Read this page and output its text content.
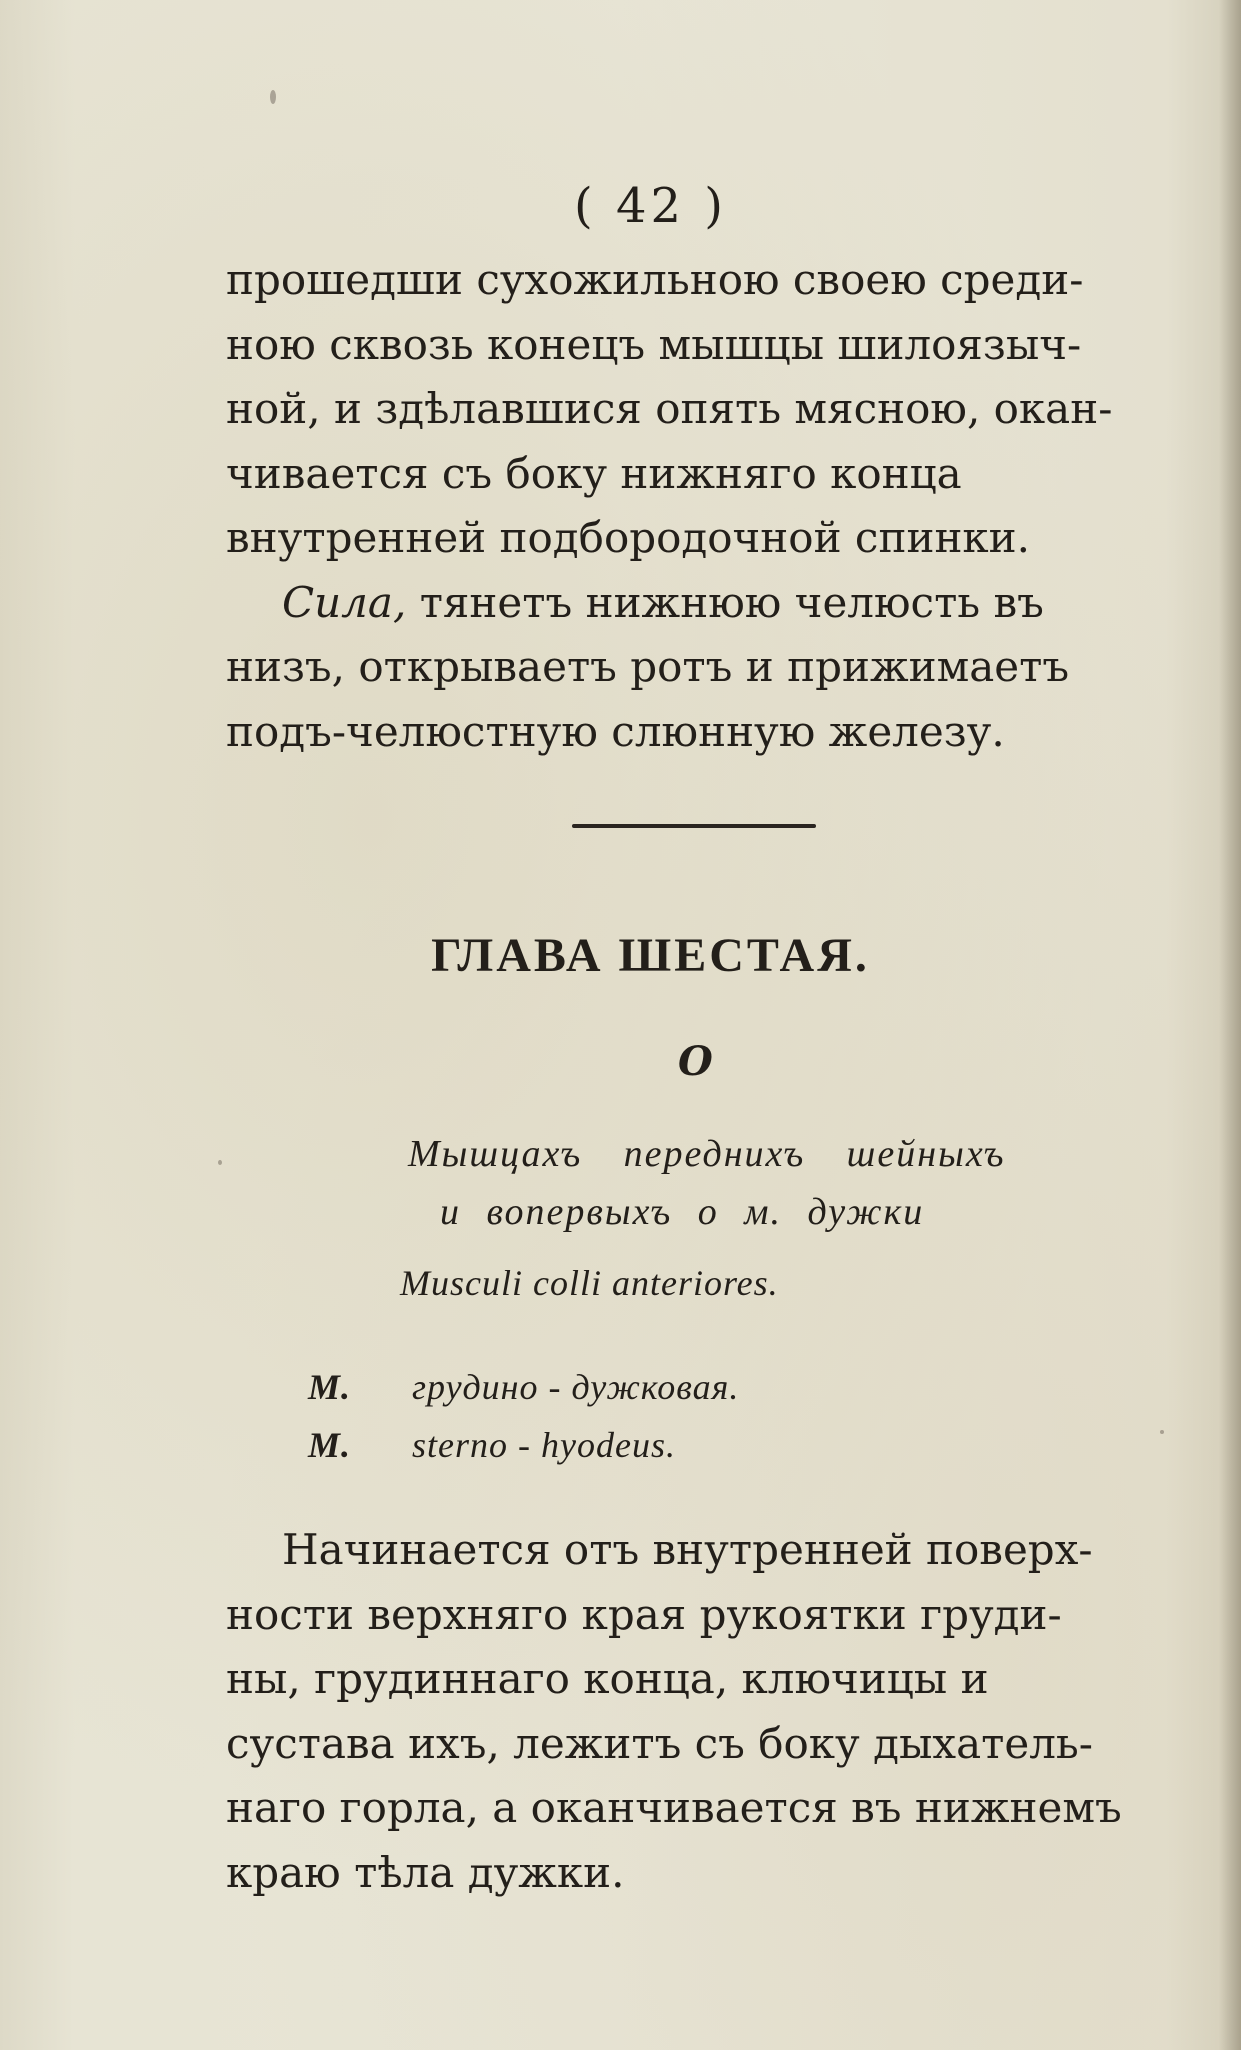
( 42 )
прошедши сухожильною своею среди-
ною сквозь конецъ мышцы шилоязыч-
ной, и здѣлавшися опять мясною, окан-
чивается съ боку нижняго конца
внутренней подбородочной спинки.
Сила, тянетъ нижнюю челюсть въ
низъ, открываетъ ротъ и прижимаетъ
подъ-челюстную слюнную железу.
ГЛАВА ШЕСТАЯ.
О
Мышцахъ переднихъ шейныхъ
и вопервыхъ о м. дужки
Musculi colli anteriores.
М. грудино - дужковая.
M. sterno - hyodeus.
Начинается отъ внутренней поверх-
ности верхняго края рукоятки груди-
ны, грудиннаго конца, ключицы и
сустава ихъ, лежитъ съ боку дыхатель-
наго горла, а оканчивается въ нижнемъ
краю тѣла дужки.
